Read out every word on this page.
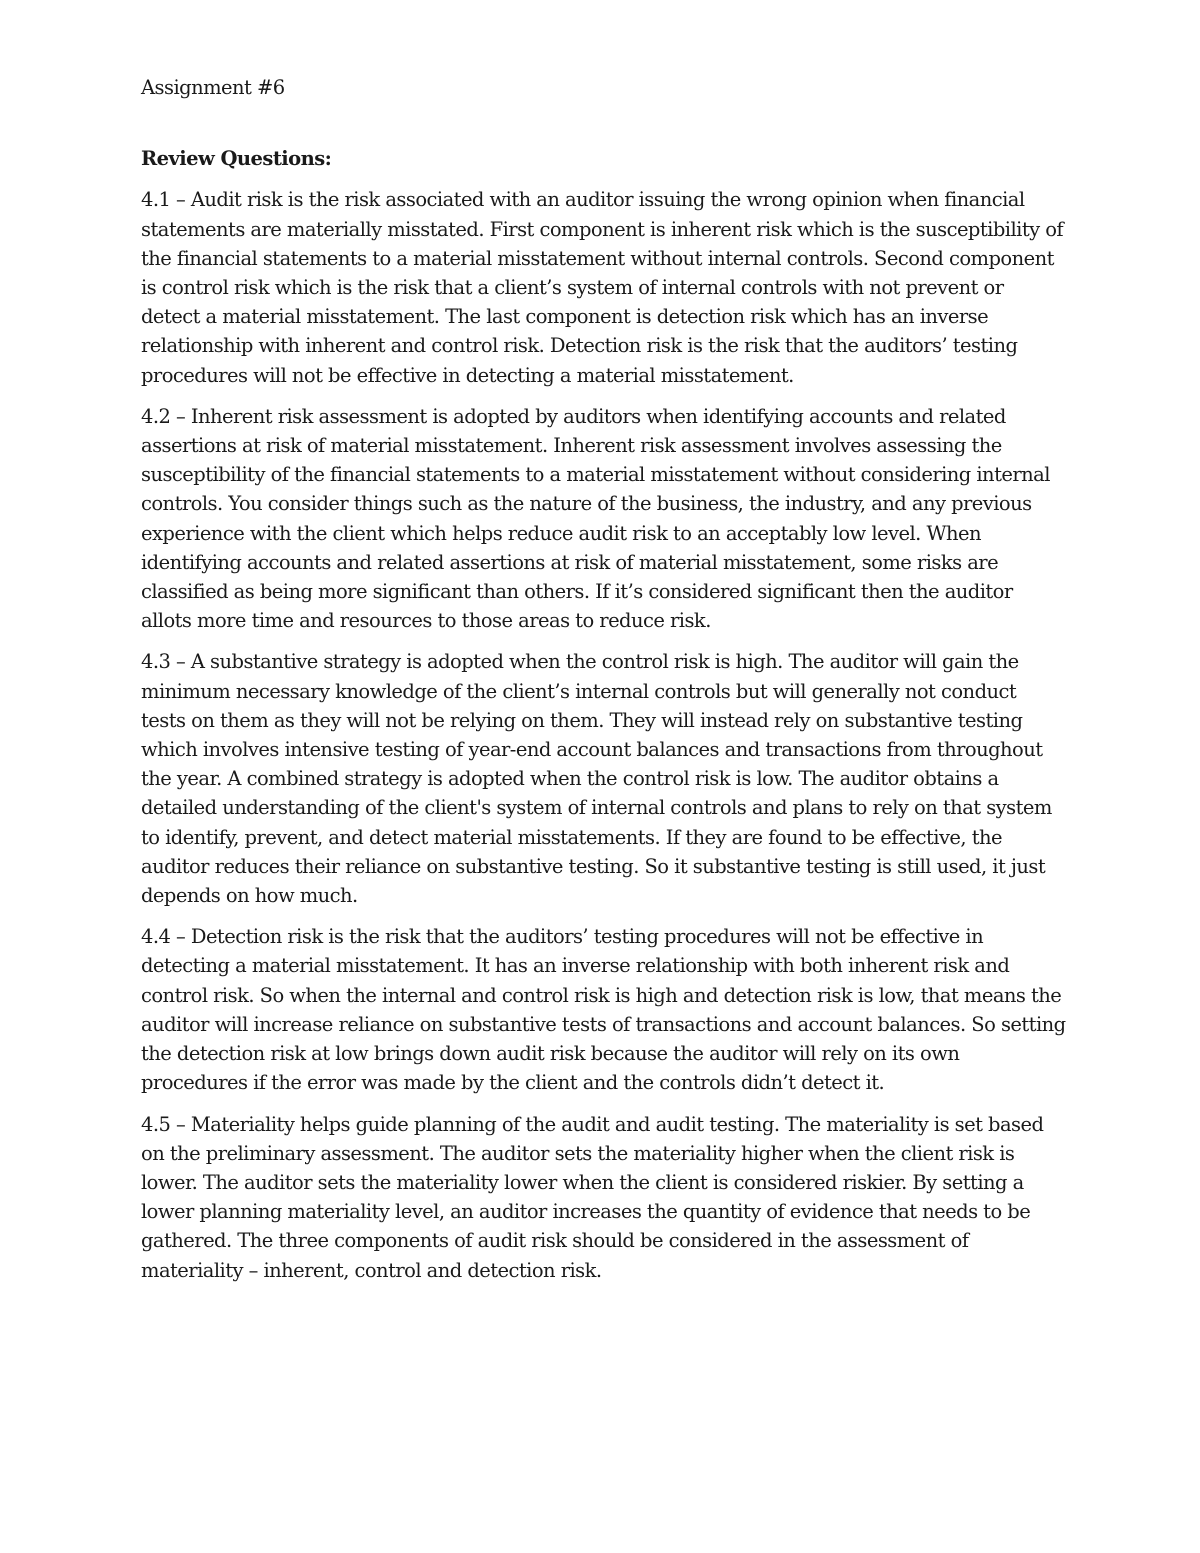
Assignment #6

Review Questions:

4.1 – Audit risk is the risk associated with an auditor issuing the wrong opinion when financial statements are materially misstated. First component is inherent risk which is the susceptibility of the financial statements to a material misstatement without internal controls. Second component is control risk which is the risk that a client’s system of internal controls with not prevent or detect a material misstatement. The last component is detection risk which has an inverse relationship with inherent and control risk. Detection risk is the risk that the auditors’ testing procedures will not be effective in detecting a material misstatement.

4.2 – Inherent risk assessment is adopted by auditors when identifying accounts and related assertions at risk of material misstatement. Inherent risk assessment involves assessing the susceptibility of the financial statements to a material misstatement without considering internal controls. You consider things such as the nature of the business, the industry, and any previous experience with the client which helps reduce audit risk to an acceptably low level. When identifying accounts and related assertions at risk of material misstatement, some risks are classified as being more significant than others. If it’s considered significant then the auditor allots more time and resources to those areas to reduce risk.

4.3 – A substantive strategy is adopted when the control risk is high. The auditor will gain the minimum necessary knowledge of the client’s internal controls but will generally not conduct tests on them as they will not be relying on them. They will instead rely on substantive testing which involves intensive testing of year-end account balances and transactions from throughout the year. A combined strategy is adopted when the control risk is low. The auditor obtains a detailed understanding of the client's system of internal controls and plans to rely on that system to identify, prevent, and detect material misstatements. If they are found to be effective, the auditor reduces their reliance on substantive testing. So it substantive testing is still used, it just depends on how much.

4.4 – Detection risk is the risk that the auditors’ testing procedures will not be effective in detecting a material misstatement. It has an inverse relationship with both inherent risk and control risk. So when the internal and control risk is high and detection risk is low, that means the auditor will increase reliance on substantive tests of transactions and account balances. So setting the detection risk at low brings down audit risk because the auditor will rely on its own procedures if the error was made by the client and the controls didn’t detect it.

4.5 – Materiality helps guide planning of the audit and audit testing. The materiality is set based on the preliminary assessment. The auditor sets the materiality higher when the client risk is lower. The auditor sets the materiality lower when the client is considered riskier. By setting a lower planning materiality level, an auditor increases the quantity of evidence that needs to be gathered. The three components of audit risk should be considered in the assessment of materiality – inherent, control and detection risk.
